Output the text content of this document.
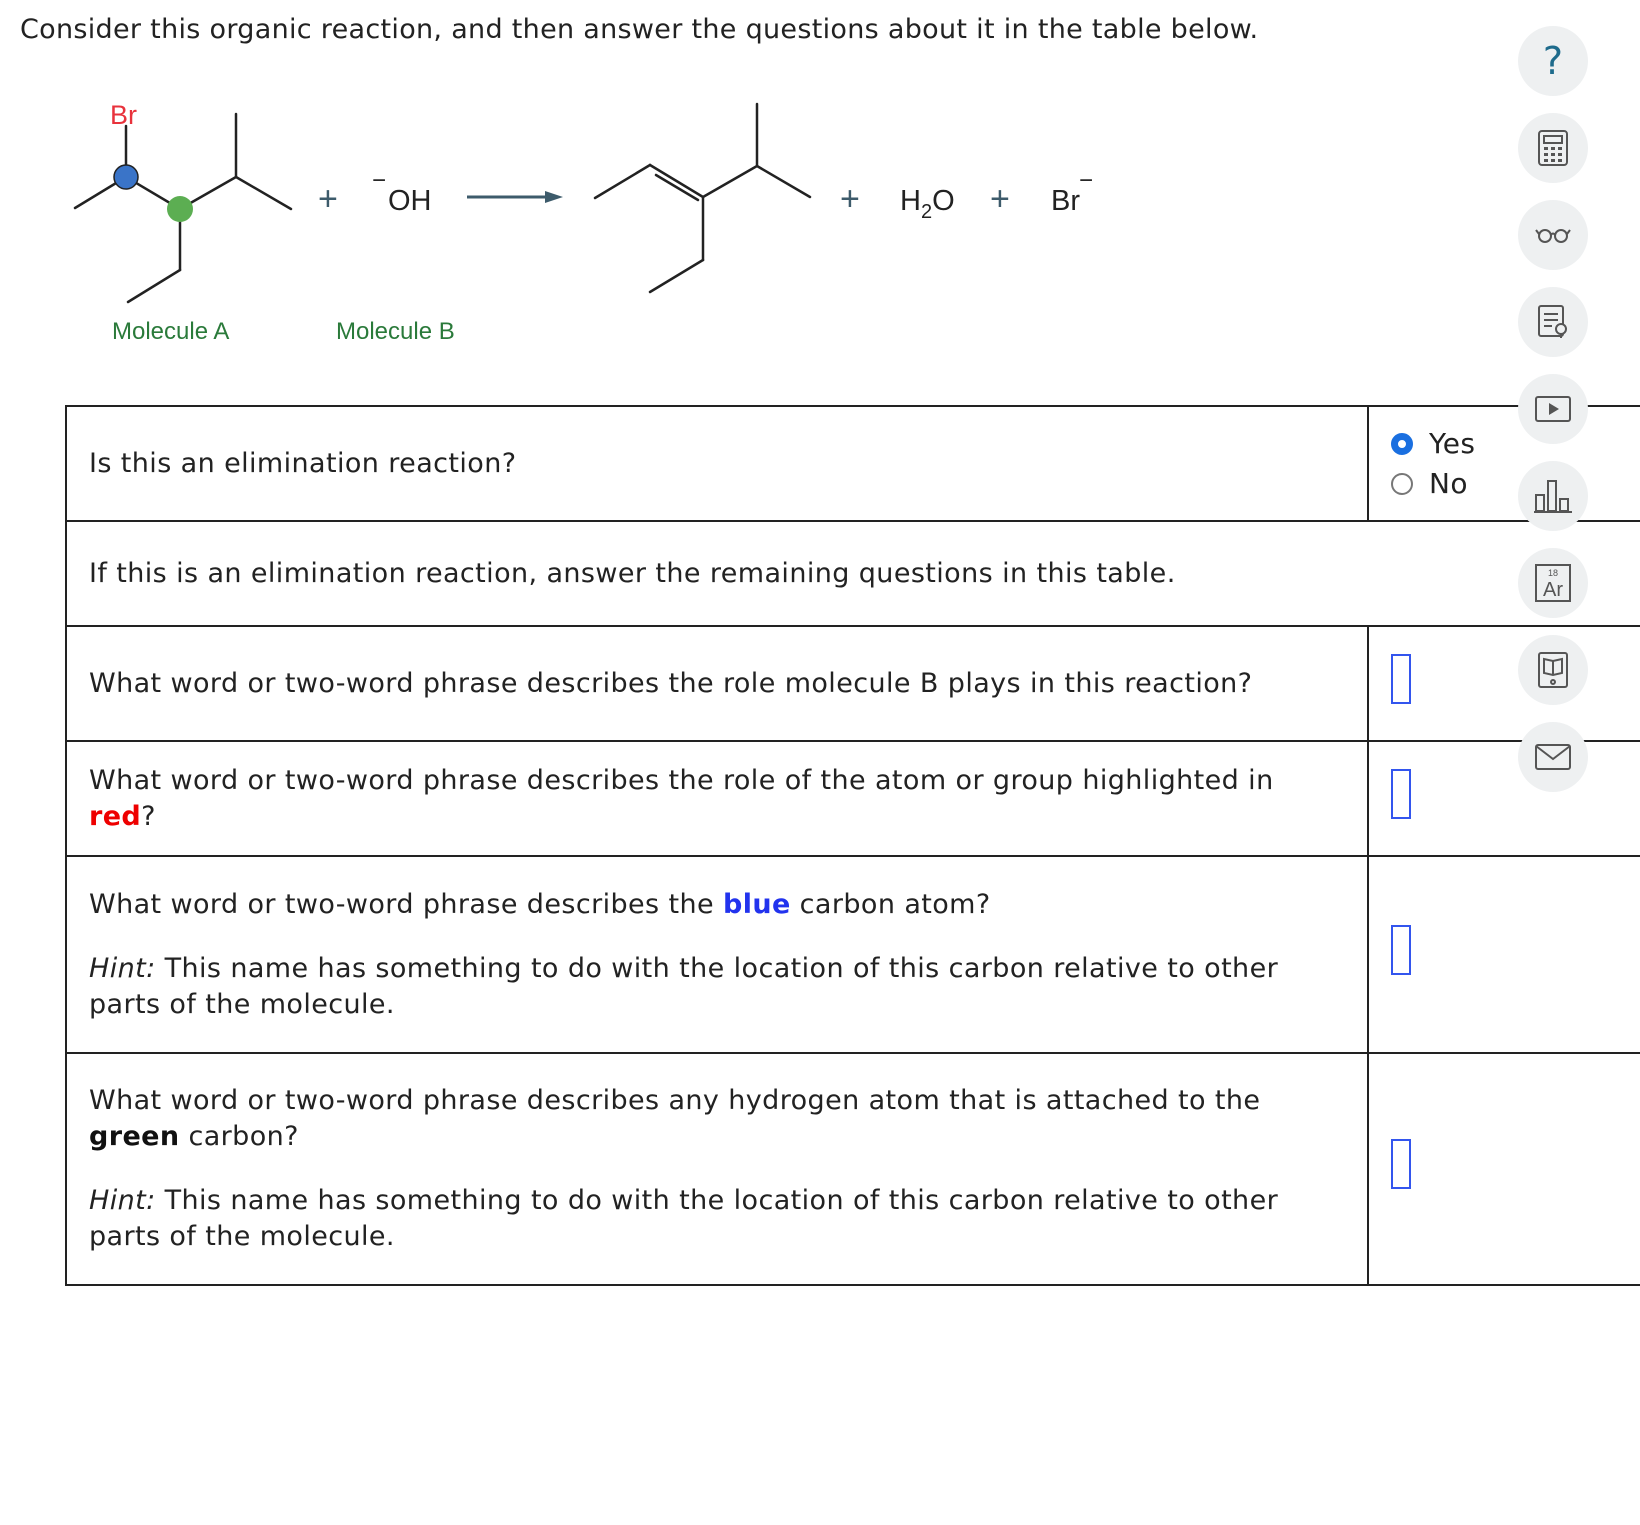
Consider this organic reaction, and then answer the questions about it in the table below.
Br
+ −
OH	+ $H_2O + Br$
−
Molecule A	Molecule B

Is this an elimination reaction?	Yes
No

If this is an elimination reaction, answer the remaining questions in this table.	

What word or two-word phrase describes the role molecule B plays in this reaction?	

What word or two-word phrase describes the role of the atom or group highlighted in red?	

What word or two-word phrase describes the blue carbon atom?

Hint: This name has something to do with the location of this carbon relative to other parts of the molecule.	

What word or two-word phrase describes any hydrogen atom that is attached to the green carbon?

Hint: This name has something to do with the location of this carbon relative to other parts of the molecule.	

?
18
Ar
